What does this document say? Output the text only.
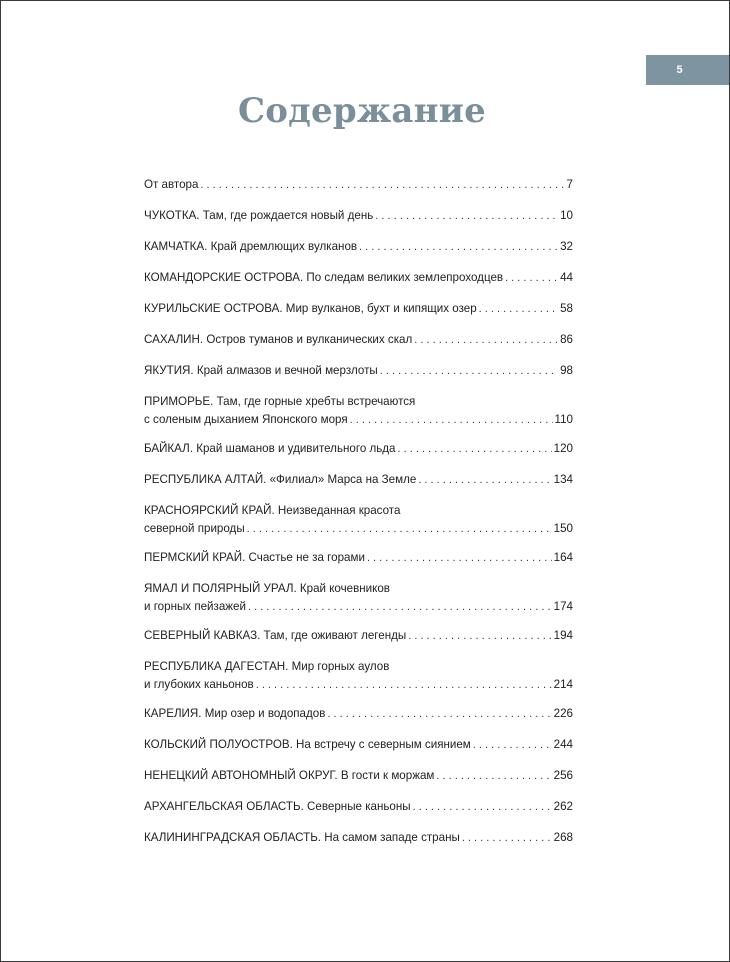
5
Содержание
От автора . . .	7
ЧУКОТКА. Там, где рождается новый день . . .	10
КАМЧАТКА. Край дремлющих вулканов . . .	32
КОМАНДОРСКИЕ ОСТРОВА. По следам великих землепроходцев . . .	44
КУРИЛЬСКИЕ ОСТРОВА. Мир вулканов, бухт и кипящих озер . . .	58
САХАЛИН. Остров туманов и вулканических скал . . .	86
ЯКУТИЯ. Край алмазов и вечной мерзлоты . . .	98
ПРИМОРЬЕ. Там, где горные хребты встречаются
с соленым дыханием Японского моря . . .	110
БАЙКАЛ. Край шаманов и удивительного льда . . .	120
РЕСПУБЛИКА АЛТАЙ. «Филиал» Марса на Земле . . .	134
КРАСНОЯРСКИЙ КРАЙ. Неизведанная красота
северной природы . . .	150
ПЕРМСКИЙ КРАЙ. Счастье не за горами . . .	164
ЯМАЛ И ПОЛЯРНЫЙ УРАЛ. Край кочевников
и горных пейзажей . . .	174
СЕВЕРНЫЙ КАВКАЗ. Там, где оживают легенды . . .	194
РЕСПУБЛИКА ДАГЕСТАН. Мир горных аулов
и глубоких каньонов . . .	214
КАРЕЛИЯ. Мир озер и водопадов . . .	226
КОЛЬСКИЙ ПОЛУОСТРОВ. На встречу с северным сиянием . . .	244
НЕНЕЦКИЙ АВТОНОМНЫЙ ОКРУГ. В гости к моржам . . .	256
АРХАНГЕЛЬСКАЯ ОБЛАСТЬ. Северные каньоны . . .	262
КАЛИНИНГРАДСКАЯ ОБЛАСТЬ. На самом западе страны . . .	268
